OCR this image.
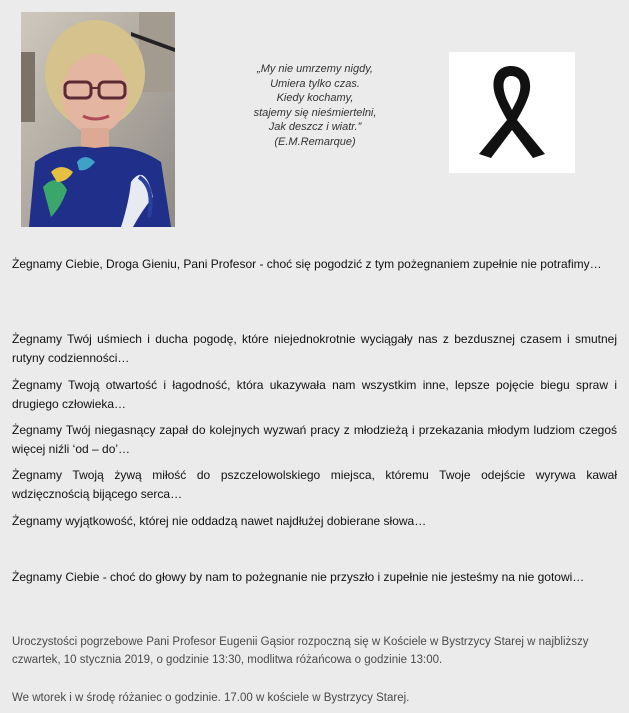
„My nie umrzemy nigdy,
Umiera tylko czas.
Kiedy kochamy,
stajemy się nieśmiertelni,
Jak deszcz i wiatr.”
(E.M.Remarque)
Żegnamy Ciebie, Droga Gieniu, Pani Profesor - choć się pogodzić z tym pożegnaniem zupełnie nie potrafimy…
Żegnamy Twój uśmiech i ducha pogodę, które niejednokrotnie wyciągały nas z bezdusznej czasem i smutnej rutyny codzienności…
Żegnamy Twoją otwartość i łagodność, która ukazywała nam wszystkim inne, lepsze pojęcie biegu spraw i drugiego człowieka…
Żegnamy Twój niegasnący zapał do kolejnych wyzwań pracy z młodzieżą i przekazania młodym ludziom czegoś więcej niźli ‘od – do’…
Żegnamy Twoją żywą miłość do pszczelowolskiego miejsca, któremu Twoje odejście wyrywa kawał wdzięcznością bijącego serca…
Żegnamy wyjątkowość, której nie oddadzą nawet najdłużej dobierane słowa…
Żegnamy Ciebie - choć do głowy by nam to pożegnanie nie przyszło i zupełnie nie jesteśmy na nie gotowi…
Uroczystości pogrzebowe Pani Profesor Eugenii Gąsior rozpoczną się w Kościele w Bystrzycy Starej w najbliższy czwartek, 10 stycznia 2019, o godzinie 13:30, modlitwa różańcowa o godzinie 13:00.
We wtorek i w środę różaniec o godzinie. 17.00 w kościele w Bystrzycy Starej.
